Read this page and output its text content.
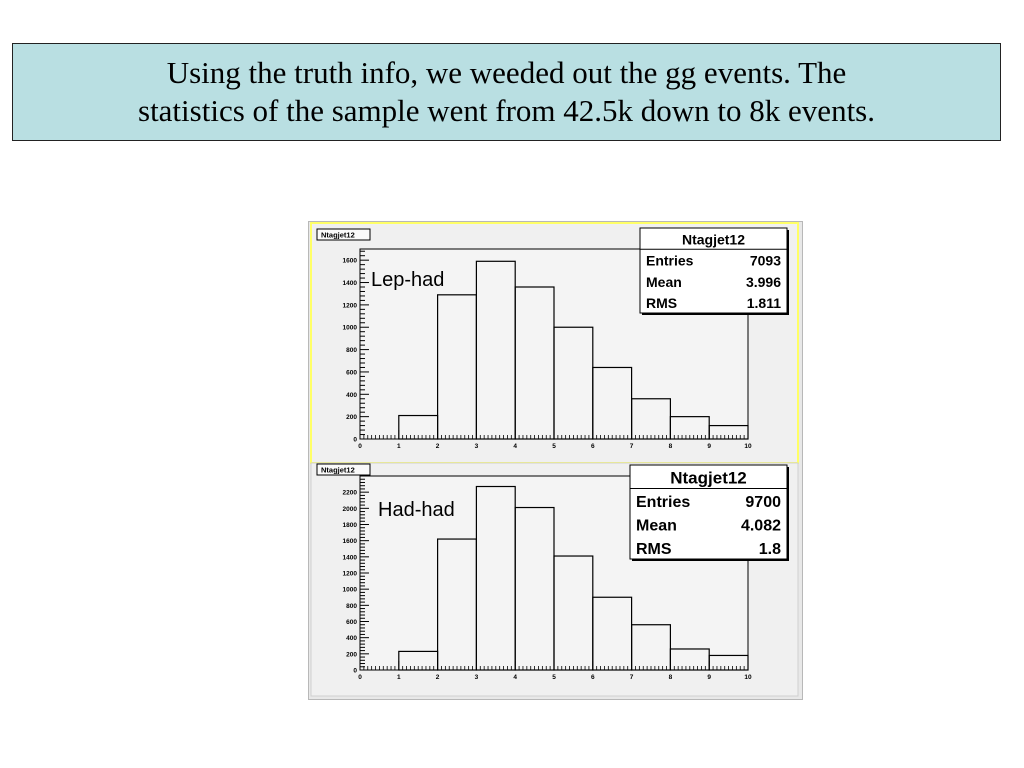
Using the truth info, we weeded out the gg events. The
statistics of the sample went from 42.5k down to 8k events.
0
200
400
600
800
1000
1200
1400
1600
0	1	2	3	4	5	6	7	8	9	10
Ntagjet12	Ntagjet12
Entries	7093
Mean	3.996
RMS	1.811
Lep-had
0
200
400
600
800
1000
1200
1400
1600
1800
2000
2200
0	1	2	3	4	5	6	7	8	9	10
Ntagjet12	Ntagjet12
Entries	9700
Mean	4.082
RMS	1.8
Had-had
